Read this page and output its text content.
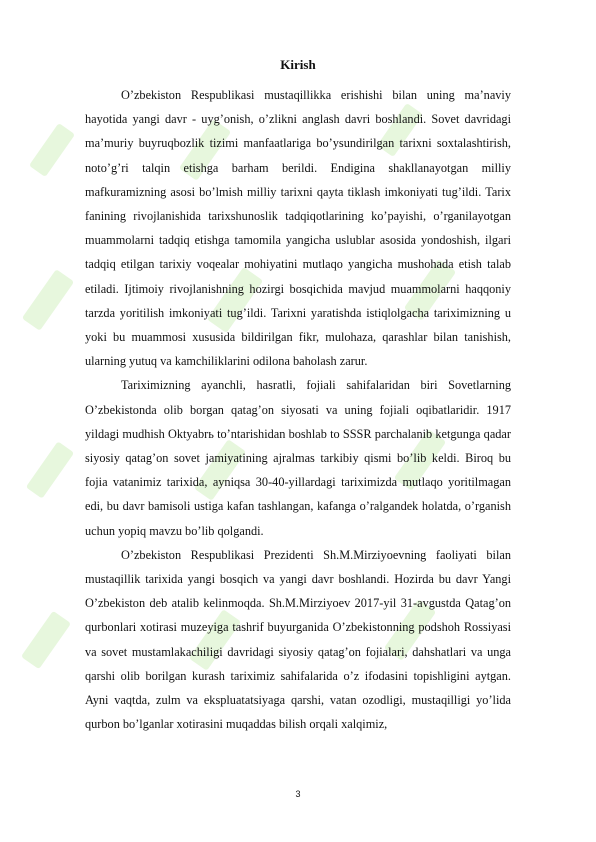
Kirish

O’zbekiston Respublikasi mustaqillikka erishishi bilan uning ma’naviy hayotida yangi davr - uyg’onish, o’zlikni anglash davri boshlandi. Sovet davridagi ma’muriy buyruqbozlik tizimi manfaatlariga bo’ysundirilgan tarixni soxtalashtirish, noto’g’ri talqin etishga barham berildi. Endigina shakllanayotgan milliy mafkuramizning asosi bo’lmish milliy tarixni qayta tiklash imkoniyati tug’ildi. Tarix fanining rivojlanishida tarixshunoslik tadqiqotlarining ko’payishi, o’rganilayotgan muammolarni tadqiq etishga tamomila yangicha uslublar asosida yondoshish, ilgari tadqiq etilgan tarixiy voqealar mohiyatini mutlaqo yangicha mushohada etish talab etiladi. Ijtimoiy rivojlanishning hozirgi bosqichida mavjud muammolarni haqqoniy tarzda yoritilish imkoniyati tug’ildi. Tarixni yaratishda istiqlolgacha tariximizning u yoki bu muammosi xususida bildirilgan fikr, mulohaza, qarashlar bilan tanishish, ularning yutuq va kamchiliklarini odilona baholash zarur.

Tariximizning ayanchli, hasratli, fojiali sahifalaridan biri Sovetlarning O’zbekistonda olib borgan qatag’on siyosati va uning fojiali oqibatlaridir. 1917 yildagi mudhish Oktyabrь to’ntarishidan boshlab to SSSR parchalanib ketgunga qadar siyosiy qatag’on sovet jamiyatining ajralmas tarkibiy qismi bo’lib keldi. Biroq bu fojia vatanimiz tarixida, ayniqsa 30-40-yillardagi tariximizda mutlaqo yoritilmagan edi, bu davr bamisoli ustiga kafan tashlangan, kafanga o’ralgandek holatda, o’rganish uchun yopiq mavzu bo’lib qolgandi.

O’zbekiston Respublikasi Prezidenti Sh.M.Mirziyoevning faoliyati bilan mustaqillik tarixida yangi bosqich va yangi davr boshlandi. Hozirda bu davr Yangi O’zbekiston deb atalib kelinmoqda. Sh.M.Mirziyoev 2017-yil 31-avgustda Qatag’on qurbonlari xotirasi muzeyiga tashrif buyurganida O’zbekistonning podshoh Rossiyasi va sovet mustamlakachiligi davridagi siyosiy qatag’on fojialari, dahshatlari va unga qarshi olib borilgan kurash tariximiz sahifalarida o’z ifodasini topishligini aytgan. Ayni vaqtda, zulm va ekspluatatsiyaga qarshi, vatan ozodligi, mustaqilligi yo’lida qurbon bo’lganlar xotirasini muqaddas bilish orqali xalqimiz,

3
